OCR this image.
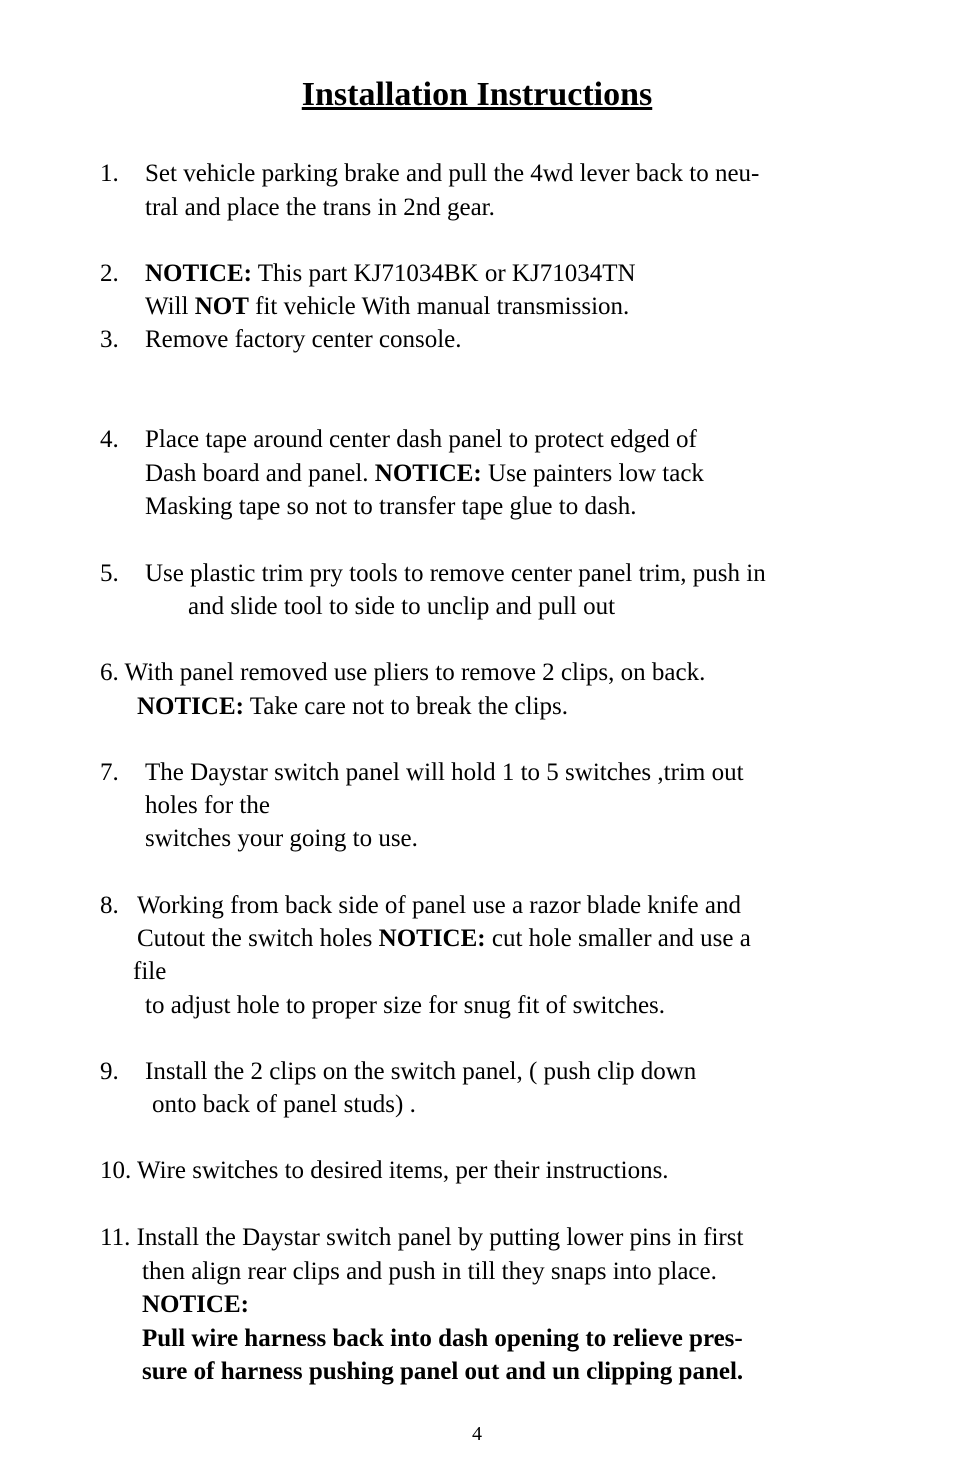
Installation Instructions
1. Set vehicle parking brake and pull the 4wd lever back to neu-
tral and place the trans in 2nd gear.
2. NOTICE: This part KJ71034BK or KJ71034TN
Will NOT fit vehicle With manual transmission.
3. Remove factory center console.
4. Place tape around center dash panel to protect edged of
Dash board and panel. NOTICE: Use painters low tack
Masking tape so not to transfer tape glue to dash.
5. Use plastic trim pry tools to remove center panel trim, push in
and slide tool to side to unclip and pull out
6. With panel removed use pliers to remove 2 clips, on back.
NOTICE: Take care not to break the clips.
7. The Daystar switch panel will hold 1 to 5 switches ,trim out
holes for the
switches your going to use.
8. Working from back side of panel use a razor blade knife and
Cutout the switch holes NOTICE: cut hole smaller and use a
file
to adjust hole to proper size for snug fit of switches.
9. Install the 2 clips on the switch panel, ( push clip down
onto back of panel studs) .
10. Wire switches to desired items, per their instructions.
11. Install the Daystar switch panel by putting lower pins in first
then align rear clips and push in till they snaps into place.
NOTICE:
Pull wire harness back into dash opening to relieve pres-
sure of harness pushing panel out and un clipping panel.
4
